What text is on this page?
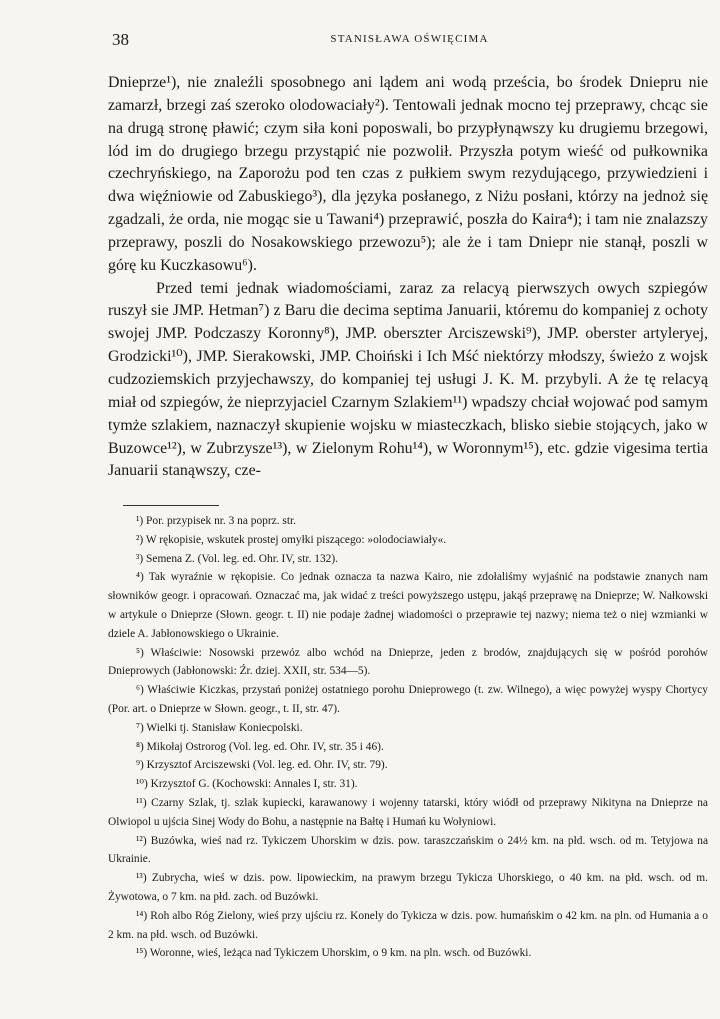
38	STANISŁAWA OŚWIĘCIMA

Dnieprze¹), nie znaleźli sposobnego ani lądem ani wodą prześcia, bo środek Dniepru nie zamarzł, brzegi zaś szeroko olodowaciały²). Tentowali jednak mocno tej przeprawy, chcąc sie na drugą stronę pławić; czym siła koni poposwali, bo przypłynąwszy ku drugiemu brzegowi, lód im do drugiego brzegu przystąpić nie pozwolił. Przyszła potym wieść od pułkownika czechryńskiego, na Zaporożu pod ten czas z pułkiem swym rezydującego, przywiedzieni i dwa więźniowie od Zabuskiego³), dla języka posłanego, z Niżu posłani, którzy na jednoż się zgadzali, że orda, nie mogąc sie u Tawani⁴) przeprawić, poszła do Kaira⁴); i tam nie znalazszy przeprawy, poszli do Nosakowskiego przewozu⁵); ale że i tam Dniepr nie stanął, poszli w górę ku Kuczkasowu⁶).

Przed temi jednak wiadomościami, zaraz za relacyą pierwszych owych szpiegów ruszył sie JMP. Hetman⁷) z Baru die decima septima Januarii, któremu do kompaniej z ochoty swojej JMP. Podczaszy Koronny⁸), JMP. oberszter Arciszewski⁹), JMP. oberster artyleryej, Grodzicki¹⁰), JMP. Sierakowski, JMP. Choiński i Ich Mść niektórzy młodszy, świeżo z wojsk cudzoziemskich przyjechawszy, do kompaniej tej usługi J. K. M. przybyli. A że tę relacyą miał od szpiegów, że nieprzyjaciel Czarnym Szlakiem¹¹) wpadszy chciał wojować pod samym tymże szlakiem, naznaczył skupienie wojsku w miasteczkach, blisko siebie stojących, jako w Buzowce¹²), w Zubrzysze¹³), w Zielonym Rohu¹⁴), w Woronnym¹⁵), etc. gdzie vigesima tertia Januarii stanąwszy, cze-

¹) Por. przypisek nr. 3 na poprz. str.

²) W rękopisie, wskutek prostej omyłki piszącego: »olodociawiały«.

³) Semena Z. (Vol. leg. ed. Ohr. IV, str. 132).

⁴) Tak wyraźnie w rękopisie. Co jednak oznacza ta nazwa Kairo, nie zdołaliśmy wyjaśnić na podstawie znanych nam słowników geogr. i opracowań. Oznaczać ma, jak widać z treści powyższego ustępu, jakąś przeprawę na Dnieprze; W. Nałkowski w artykule o Dnieprze (Słown. geogr. t. II) nie podaje żadnej wiadomości o przeprawie tej nazwy; niema też o niej wzmianki w dziele A. Jabłonowskiego o Ukrainie.

⁵) Właściwie: Nosowski przewóz albo wchód na Dnieprze, jeden z brodów, znajdujących się w pośród porohów Dnieprowych (Jabłonowski: Źr. dziej. XXII, str. 534—5).

⁶) Właściwie Kiczkas, przystań poniżej ostatniego porohu Dnieprowego (t. zw. Wilnego), a więc powyżej wyspy Chortycy (Por. art. o Dnieprze w Słown. geogr., t. II, str. 47).

⁷) Wielki tj. Stanisław Koniecpolski.

⁸) Mikołaj Ostrorog (Vol. leg. ed. Ohr. IV, str. 35 i 46).

⁹) Krzysztof Arciszewski (Vol. leg. ed. Ohr. IV, str. 79).

¹⁰) Krzysztof G. (Kochowski: Annales I, str. 31).

¹¹) Czarny Szlak, tj. szlak kupiecki, karawanowy i wojenny tatarski, który wiódł od przeprawy Nikityna na Dnieprze na Olwiopol u ujścia Sinej Wody do Bohu, a następnie na Bałtę i Humań ku Wołyniowi.

¹²) Buzówka, wieś nad rz. Tykiczem Uhorskim w dzis. pow. taraszczańskim o 24½ km. na płd. wsch. od m. Tetyjowa na Ukrainie.

¹³) Zubrycha, wieś w dzis. pow. lipowieckim, na prawym brzegu Tykicza Uhorskiego, o 40 km. na płd. wsch. od m. Żywotowa, o 7 km. na płd. zach. od Buzówki.

¹⁴) Roh albo Róg Zielony, wieś przy ujściu rz. Konely do Tykicza w dzis. pow. humańskim o 42 km. na pln. od Humania a o 2 km. na płd. wsch. od Buzówki.

¹⁵) Woronne, wieś, leżąca nad Tykiczem Uhorskim, o 9 km. na pln. wsch. od Buzówki.
